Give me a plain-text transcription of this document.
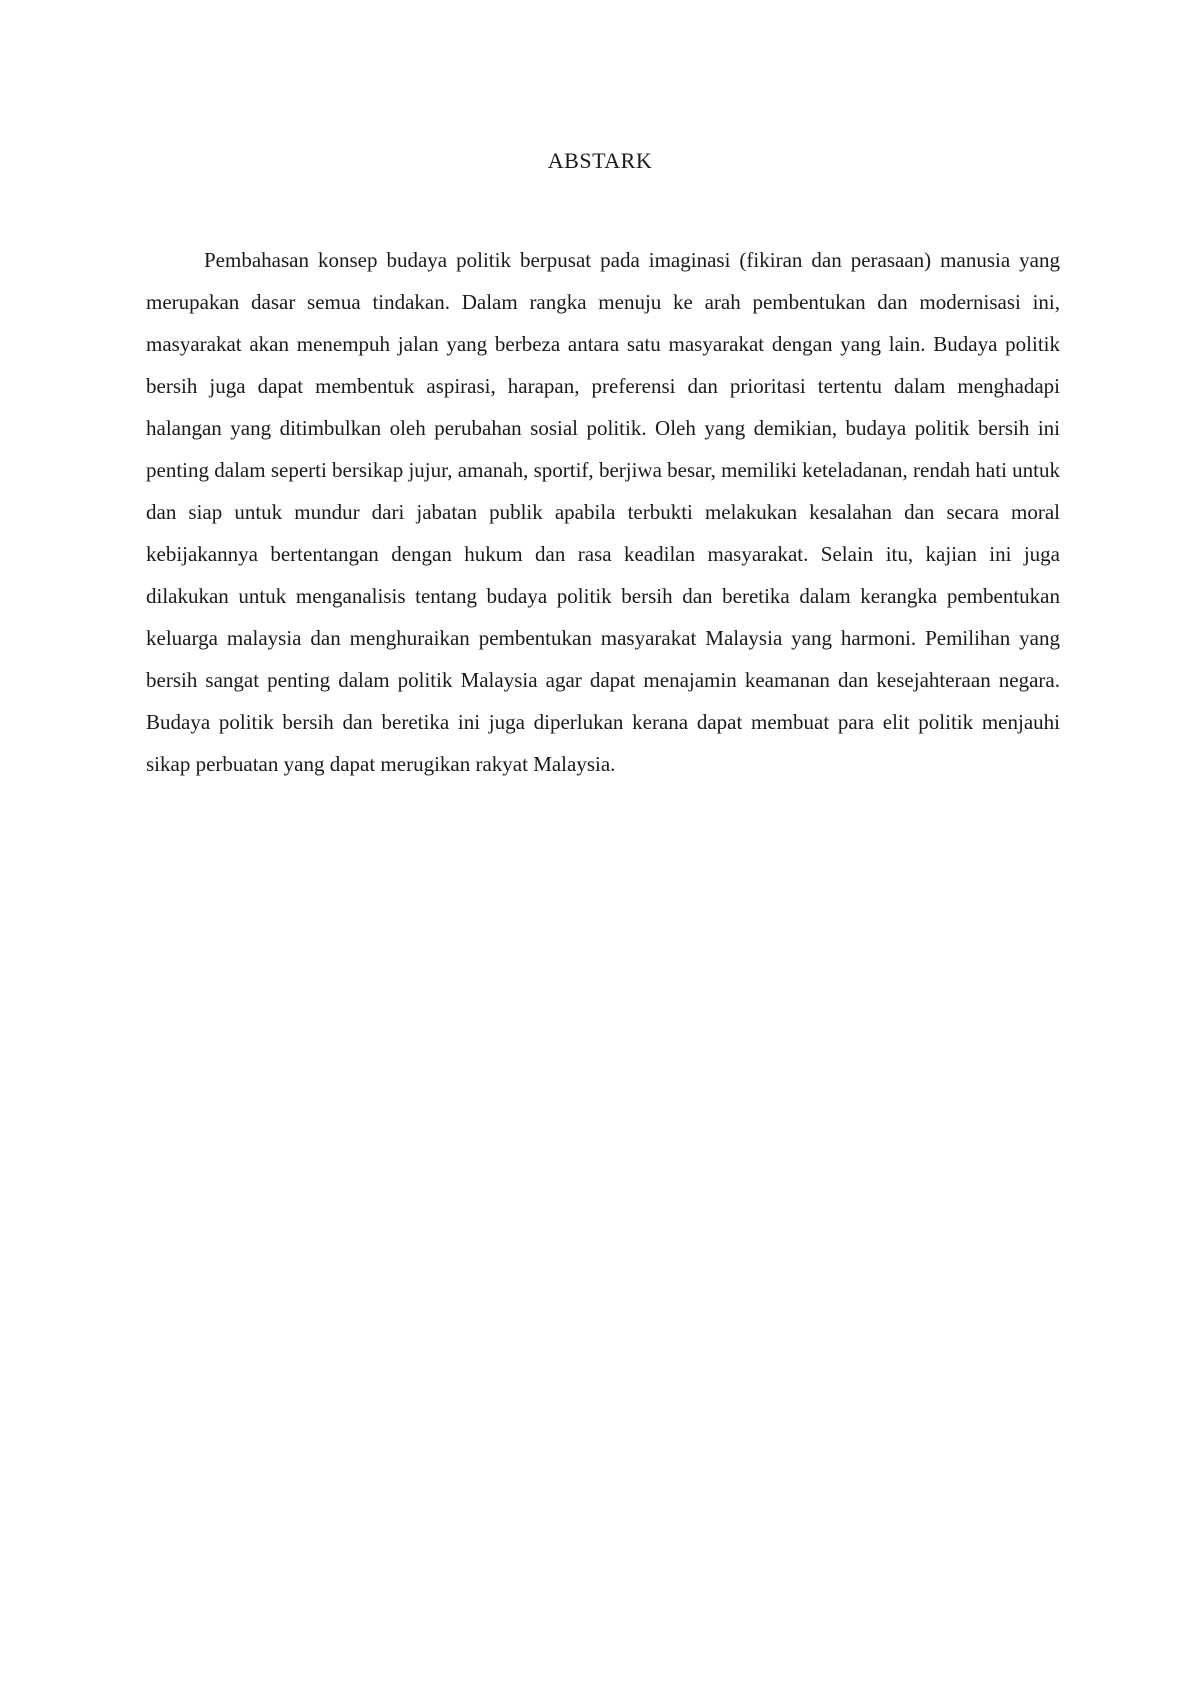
ABSTARK

Pembahasan konsep budaya politik berpusat pada imaginasi (fikiran dan perasaan) manusia yang merupakan dasar semua tindakan. Dalam rangka menuju ke arah pembentukan dan modernisasi ini, masyarakat akan menempuh jalan yang berbeza antara satu masyarakat dengan yang lain. Budaya politik bersih juga dapat membentuk aspirasi, harapan, preferensi dan prioritasi tertentu dalam menghadapi halangan yang ditimbulkan oleh perubahan sosial politik. Oleh yang demikian, budaya politik bersih ini penting dalam seperti bersikap jujur, amanah, sportif, berjiwa besar, memiliki keteladanan, rendah hati untuk dan siap untuk mundur dari jabatan publik apabila terbukti melakukan kesalahan dan secara moral kebijakannya bertentangan dengan hukum dan rasa keadilan masyarakat. Selain itu, kajian ini juga dilakukan untuk menganalisis tentang budaya politik bersih dan beretika dalam kerangka pembentukan keluarga malaysia dan menghuraikan pembentukan masyarakat Malaysia yang harmoni. Pemilihan yang bersih sangat penting dalam politik Malaysia agar dapat menajamin keamanan dan kesejahteraan negara. Budaya politik bersih dan beretika ini juga diperlukan kerana dapat membuat para elit politik menjauhi sikap perbuatan yang dapat merugikan rakyat Malaysia.
